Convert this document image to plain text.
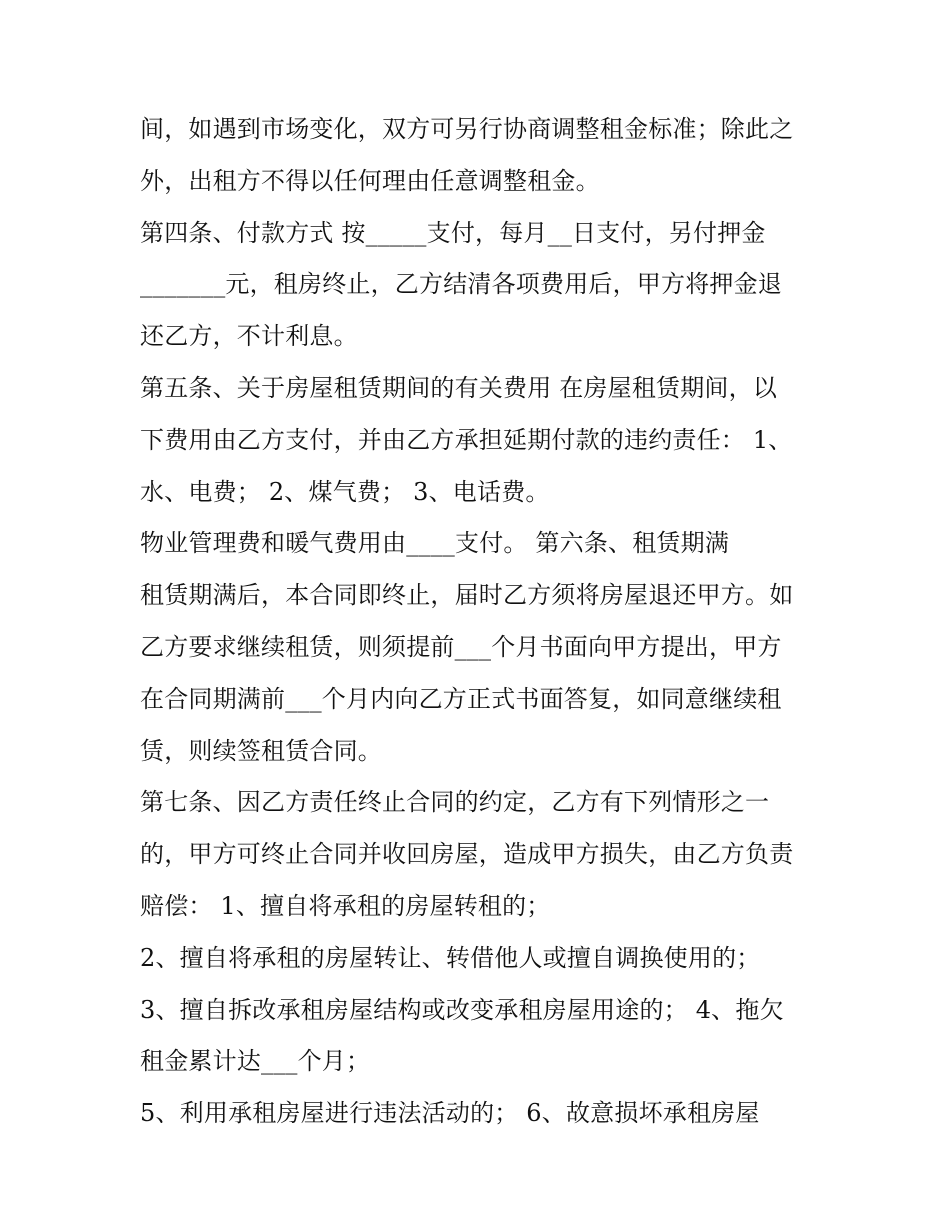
间，如遇到市场变化，双方可另行协商调整租金标准；除此之
外，出租方不得以任何理由任意调整租金。
第四条、付款方式 按_____支付，每月__日支付，另付押金
_______元，租房终止，乙方结清各项费用后，甲方将押金退
还乙方，不计利息。
第五条、关于房屋租赁期间的有关费用 在房屋租赁期间，以
下费用由乙方支付，并由乙方承担延期付款的违约责任： 1、
水、电费； 2、煤气费； 3、电话费。
物业管理费和暖气费用由____支付。 第六条、租赁期满
租赁期满后，本合同即终止，届时乙方须将房屋退还甲方。如
乙方要求继续租赁，则须提前___个月书面向甲方提出，甲方
在合同期满前___个月内向乙方正式书面答复，如同意继续租
赁，则续签租赁合同。
第七条、因乙方责任终止合同的约定，乙方有下列情形之一
的，甲方可终止合同并收回房屋，造成甲方损失，由乙方负责
赔偿： 1、擅自将承租的房屋转租的；
2、擅自将承租的房屋转让、转借他人或擅自调换使用的；
3、擅自拆改承租房屋结构或改变承租房屋用途的； 4、拖欠
租金累计达___个月；
5、利用承租房屋进行违法活动的； 6、故意损坏承租房屋
